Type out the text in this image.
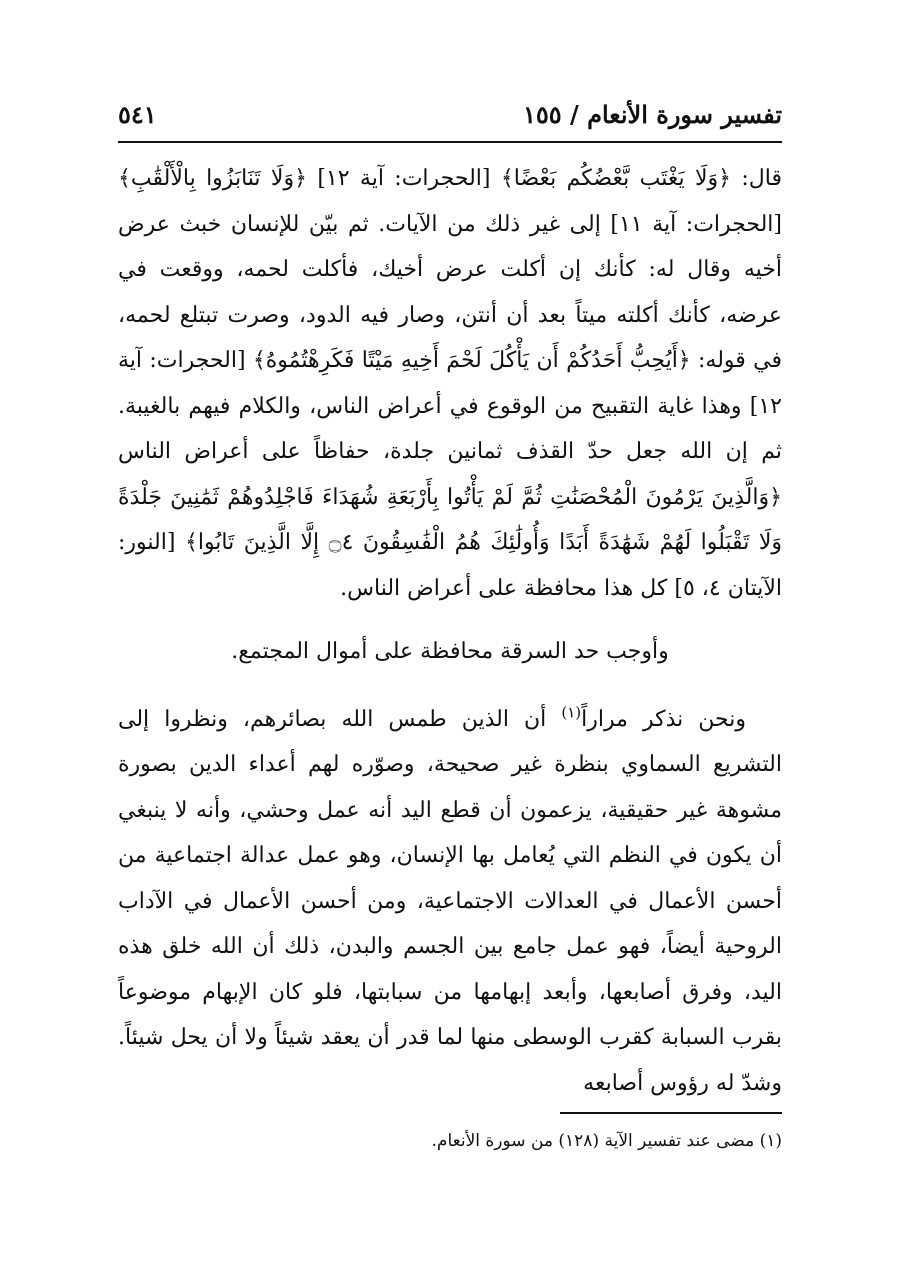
تفسير سورة الأنعام / ١٥٥
٥٤١

قال: ﴿وَلَا يَغْتَب بَّعْضُكُم بَعْضًا﴾ [الحجرات: آية ١٢] ﴿وَلَا تَنَابَزُوا بِالْأَلْقَٰبِ﴾ [الحجرات: آية ١١] إلى غير ذلك من الآيات. ثم بيّن للإنسان خبث عرض أخيه وقال له: كأنك إن أكلت عرض أخيك، فأكلت لحمه، ووقعت في عرضه، كأنك أكلته ميتاً بعد أن أنتن، وصار فيه الدود، وصرت تبتلع لحمه، في قوله: ﴿أَيُحِبُّ أَحَدُكُمْ أَن يَأْكُلَ لَحْمَ أَخِيهِ مَيْتًا فَكَرِهْتُمُوهُ﴾ [الحجرات: آية ١٢] وهذا غاية التقبيح من الوقوع في أعراض الناس، والكلام فيهم بالغيبة. ثم إن الله جعل حدّ القذف ثمانين جلدة، حفاظاً على أعراض الناس ﴿وَالَّذِينَ يَرْمُونَ الْمُحْصَنَٰتِ ثُمَّ لَمْ يَأْتُوا بِأَرْبَعَةِ شُهَدَاءَ فَاجْلِدُوهُمْ ثَمَٰنِينَ جَلْدَةً وَلَا تَقْبَلُوا لَهُمْ شَهَٰدَةً أَبَدًا وَأُولَٰئِكَ هُمُ الْفَٰسِقُونَ ۝٤ إِلَّا الَّذِينَ تَابُوا﴾ [النور: الآيتان ٤، ٥] كل هذا محافظة على أعراض الناس.

وأوجب حد السرقة محافظة على أموال المجتمع.

ونحن نذكر مراراً$^{(١)}$ أن الذين طمس الله بصائرهم، ونظروا إلى التشريع السماوي بنظرة غير صحيحة، وصوّره لهم أعداء الدين بصورة مشوهة غير حقيقية، يزعمون أن قطع اليد أنه عمل وحشي، وأنه لا ينبغي أن يكون في النظم التي يُعامل بها الإنسان، وهو عمل عدالة اجتماعية من أحسن الأعمال في العدالات الاجتماعية، ومن أحسن الأعمال في الآداب الروحية أيضاً، فهو عمل جامع بين الجسم والبدن، ذلك أن الله خلق هذه اليد، وفرق أصابعها، وأبعد إبهامها من سبابتها، فلو كان الإبهام موضوعاً بقرب السبابة كقرب الوسطى منها لما قدر أن يعقد شيئاً ولا أن يحل شيئاً. وشدّ له رؤوس أصابعه

(١) مضى عند تفسير الآية (١٢٨) من سورة الأنعام.
